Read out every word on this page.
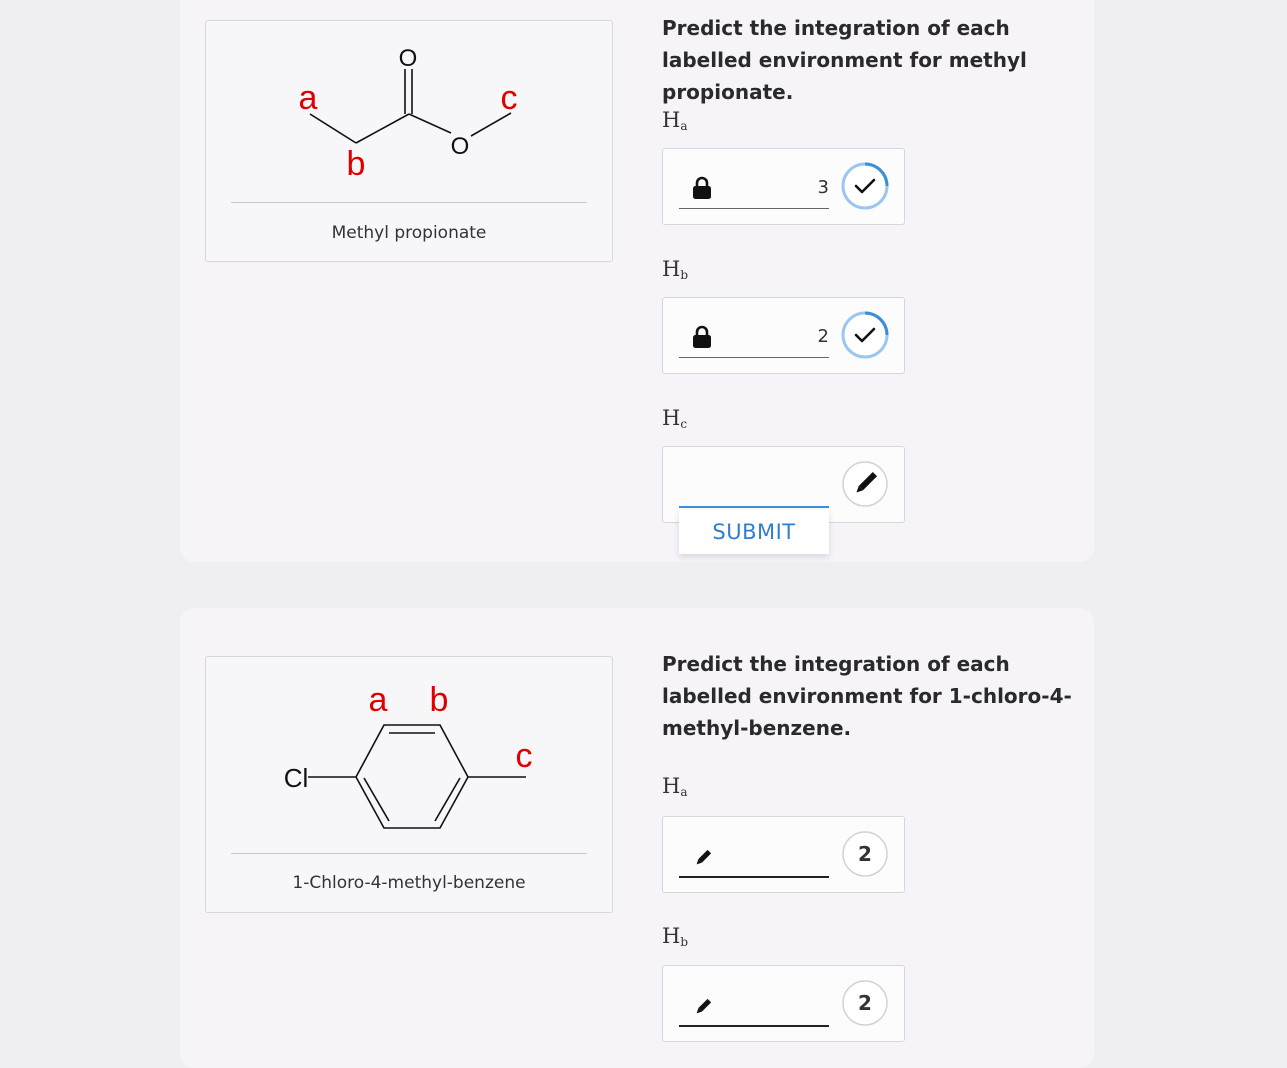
O
O
a
b
c
Methyl propionate
Predict the integration of each labelled environment for methyl propionate.
$H_a$
3
$H_b$
2
$H_c$
SUBMIT
Cl
a b
c
1-Chloro-4-methyl-benzene
Predict the integration of each labelled environment for 1-chloro-4-methyl-benzene.
$H_a$
2
$H_b$
2
